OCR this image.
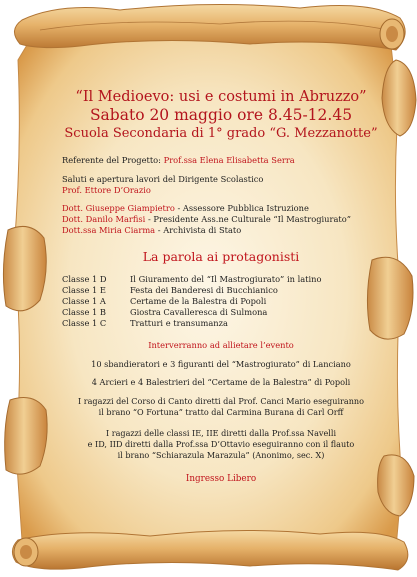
“Il Medioevo: usi e costumi in Abruzzo”
Sabato 20 maggio ore 8.45-12.45
Scuola Secondaria di 1° grado “G. Mezzanotte”
Referente del Progetto: Prof.ssa Elena Elisabetta Serra
Saluti e apertura lavori del Dirigente Scolastico
Prof. Ettore D’Orazio
Dott. Giuseppe Giampietro - Assessore Pubblica Istruzione
Dott. Danilo Marfisi - Presidente Ass.ne Culturale “Il Mastrogiurato”
Dott.ssa Miria Ciarma - Archivista di Stato
La parola ai protagonisti
Classe 1 D	Il Giuramento del “Il Mastrogiurato” in latino
Classe 1 E	Festa dei Banderesi di Bucchianico
Classe 1 A	Certame de la Balestra di Popoli
Classe 1 B	Giostra Cavalleresca di Sulmona
Classe 1 C	Tratturi e transumanza
Interverranno ad allietare l’evento
10 sbandieratori e 3 figuranti del “Mastrogiurato” di Lanciano
4 Arcieri e 4 Balestrieri del “Certame de la Balestra” di Popoli
I ragazzi del Corso di Canto diretti dal Prof. Canci Mario eseguiranno
il brano “O Fortuna” tratto dal Carmina Burana di Carl Orff
I ragazzi delle classi IE, IIE diretti dalla Prof.ssa Navelli
e ID, IID diretti dalla Prof.ssa D’Ottavio eseguiranno con il flauto
il brano “Schiarazula Marazula” (Anonimo, sec. X)
Ingresso Libero
